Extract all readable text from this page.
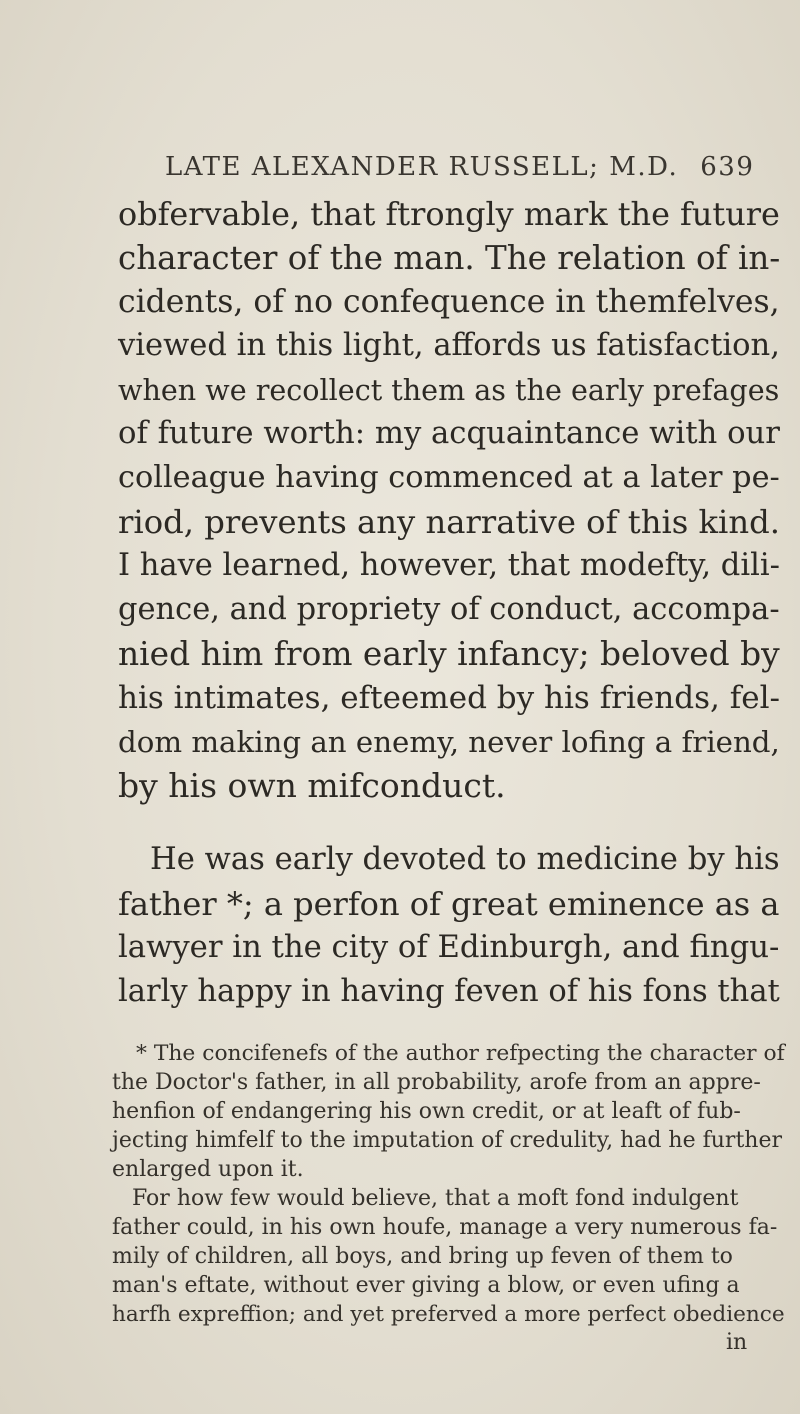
LATE ALEXANDER RUSSELL; M.D. 639
obfervable, that ftrongly mark the future
character of the man. The relation of in-
cidents, of no confequence in themfelves,
viewed in this light, affords us fatisfaction,
when we recollect them as the early prefages
of future worth: my acquaintance with our
colleague having commenced at a later pe-
riod, prevents any narrative of this kind.
I have learned, however, that modefty, dili-
gence, and propriety of conduct, accompa-
nied him from early infancy; beloved by
his intimates, efteemed by his friends, fel-
dom making an enemy, never lofing a friend,
by his own mifconduct.
He was early devoted to medicine by his
father *; a perfon of great eminence as a
lawyer in the city of Edinburgh, and fingu-
larly happy in having feven of his fons that
* The concifenefs of the author refpecting the character of
the Doctor's father, in all probability, arofe from an appre-
henfion of endangering his own credit, or at leaft of fub-
jecting himfelf to the imputation of credulity, had he further
enlarged upon it.
For how few would believe, that a moft fond indulgent
father could, in his own houfe, manage a very numerous fa-
mily of children, all boys, and bring up feven of them to
man's eftate, without ever giving a blow, or even ufing a
harfh expreffion; and yet preferved a more perfect obedience
in
